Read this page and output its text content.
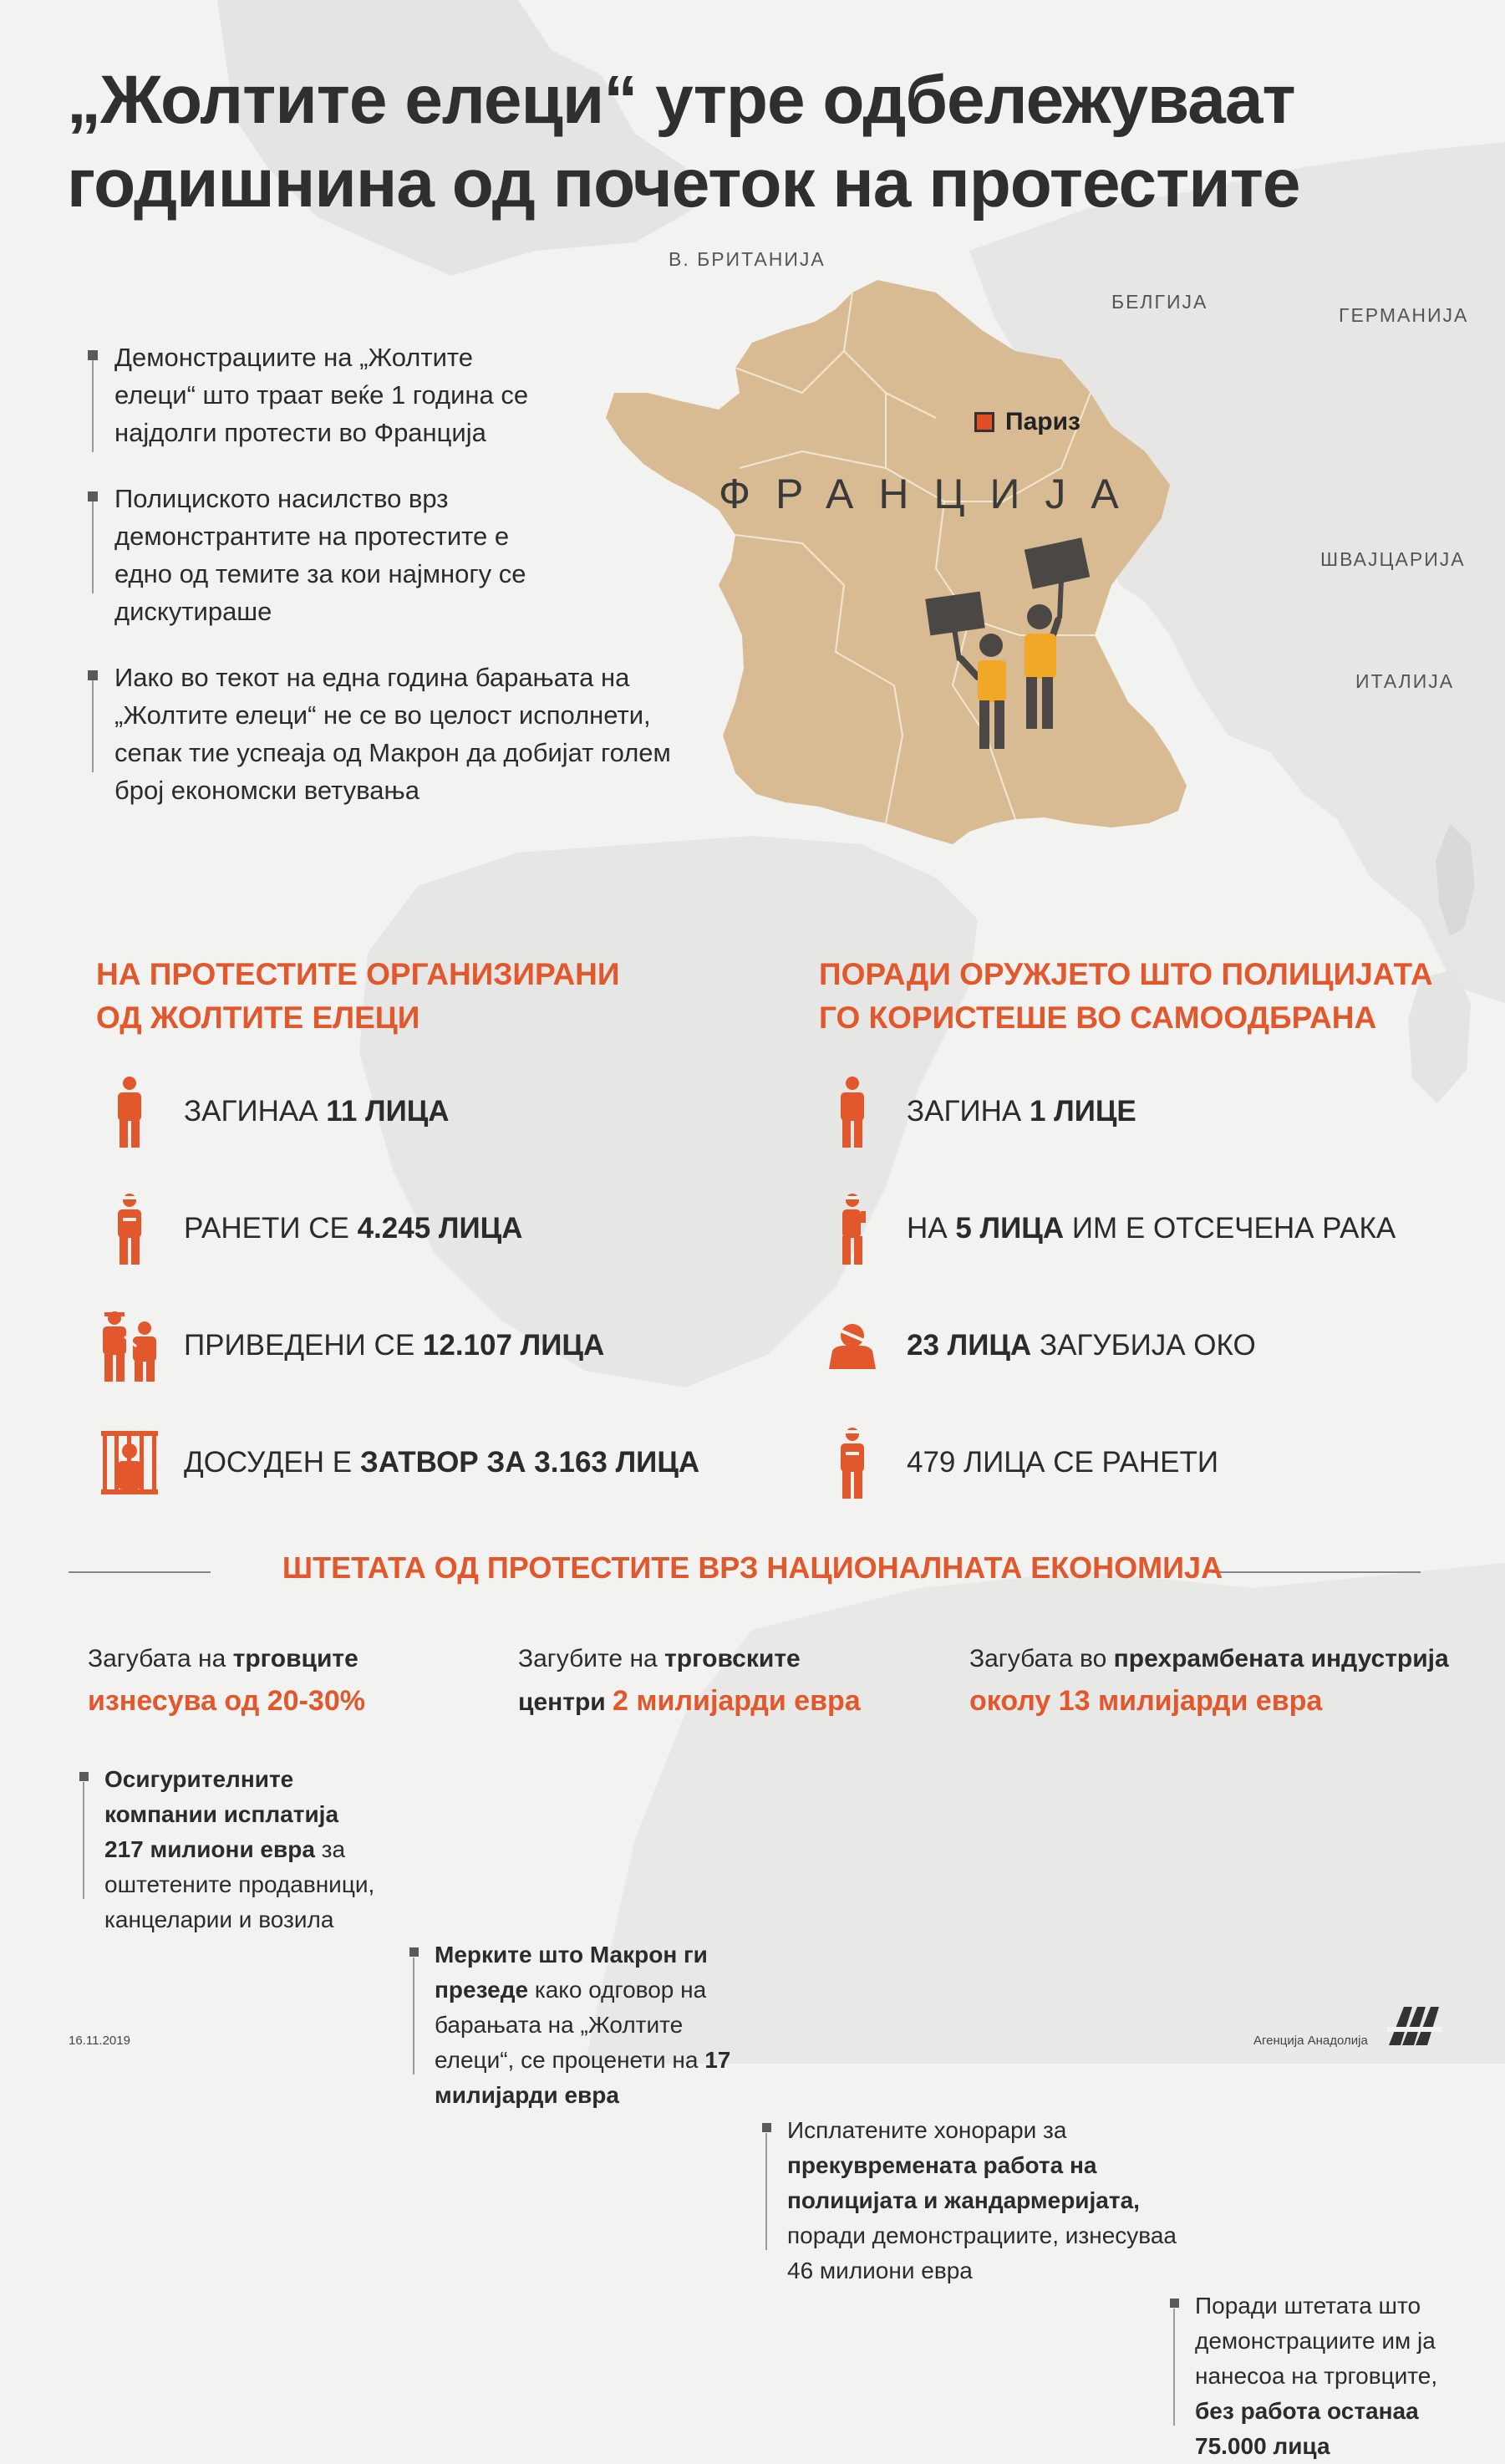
„Жолтите елеци“ утре одбележуваат
годишнина од почеток на протестите
В. БРИТАНИЈА
БЕЛГИЈА
ГЕРМАНИЈА
ШВАЈЦАРИЈА
ИТАЛИЈА
ФРАНЦИЈА
Париз
Демонстрациите на „Жолтите елеци“ што траат веќе 1 година се најдолги протести во Франција
Полициското насилство врз демонстрантите на протестите е едно од темите за кои најмногу се дискутираше
Иако во текот на една година барањата на „Жолтите елеци“ не се во целост исполнети, сепак тие успеаја од Макрон да добијат голем број економски ветувања
НА ПРОТЕСТИТЕ ОРГАНИЗИРАНИ
ОД ЖОЛТИТЕ ЕЛЕЦИ
ЗАГИНАА 11 ЛИЦА
РАНЕТИ СЕ 4.245 ЛИЦА
ПРИВЕДЕНИ СЕ 12.107 ЛИЦА
ДОСУДЕН Е ЗАТВОР ЗА 3.163 ЛИЦА
ПОРАДИ ОРУЖЈЕТО ШТО ПОЛИЦИЈАТА
ГО КОРИСТЕШЕ ВО САМООДБРАНА
ЗАГИНА 1 ЛИЦЕ
НА 5 ЛИЦА ИМ Е ОТСЕЧЕНА РАКА
23 ЛИЦА ЗАГУБИЈА ОКО
479 ЛИЦА СЕ РАНЕТИ
ШТЕТАТА ОД ПРОТЕСТИТЕ ВРЗ НАЦИОНАЛНАТА ЕКОНОМИЈА
Загубата на трговците
изнесува од 20-30%
Загубите на трговските
центри 2 милијарди евра
Загубата во прехрамбената индустрија
околу 13 милијарди евра
Осигурителните компании исплатија 217 милиони евра за оштетените продавници, канцеларии и возила
Мерките што Макрон ги презеде како одговор на барањата на „Жолтите елеци“, се проценети на 17 милијарди евра
Исплатените хонорари за прекувремената работа на полицијата и жандармеријата, поради демонстрациите, изнесуваа 46 милиони евра
Поради штетата што демонстрациите им ја нанесоа на трговците, без работа останаа 75.000 лица
16.11.2019	Агенција Анадолија
